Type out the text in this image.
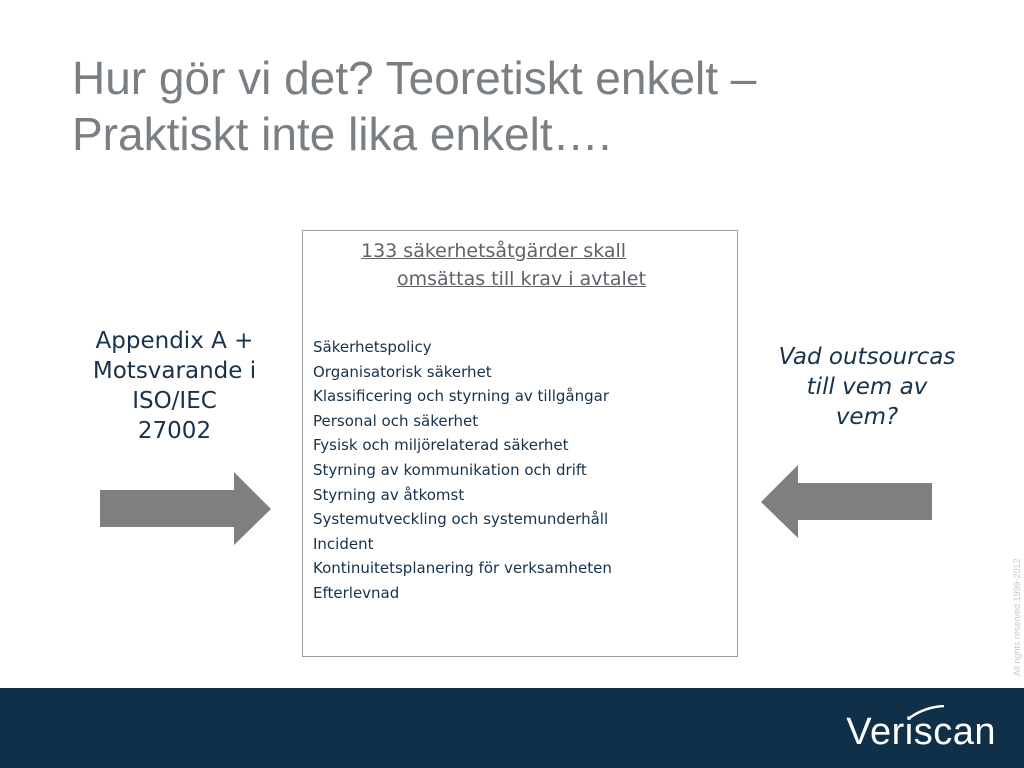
Hur gör vi det? Teoretiskt enkelt –
Praktiskt inte lika enkelt….
Appendix A +
Motsvarande i
ISO/IEC
27002
133 säkerhetsåtgärder skall
omsättas till krav i avtalet
Säkerhetspolicy
Organisatorisk säkerhet
Klassificering och styrning av tillgångar
Personal och säkerhet
Fysisk och miljörelaterad säkerhet
Styrning av kommunikation och drift
Styrning av åtkomst
Systemutveckling och systemunderhåll
Incident
Kontinuitetsplanering för verksamheten
Efterlevnad
Vad outsourcas
till vem av
vem?
All rights reserved 1999-2012
Veriscan
